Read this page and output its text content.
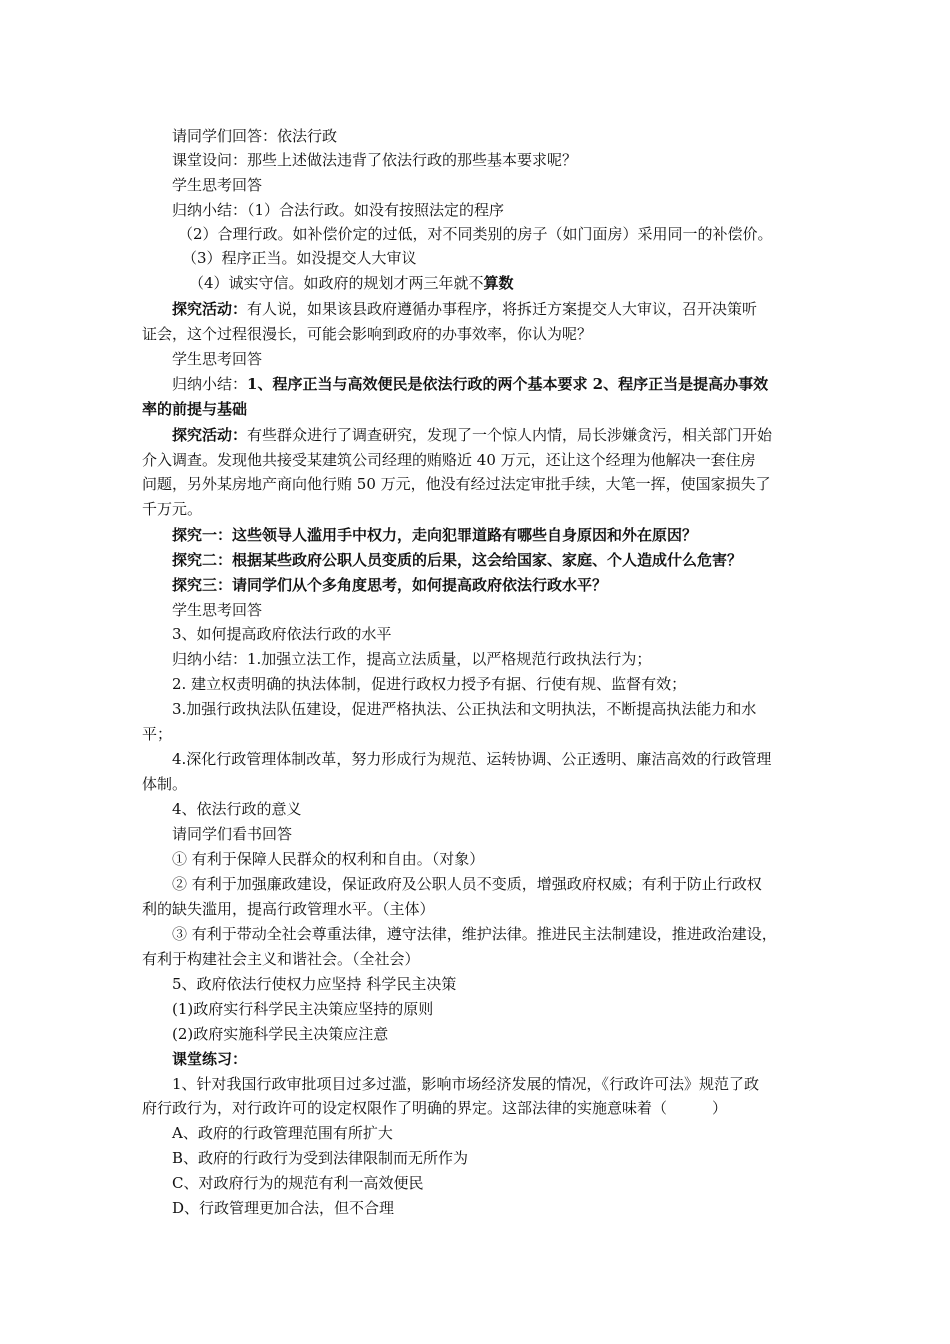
请同学们回答：依法行政
课堂设问：那些上述做法违背了依法行政的那些基本要求呢？
学生思考回答
归纳小结：（1）合法行政。如没有按照法定的程序
（2）合理行政。如补偿价定的过低，对不同类别的房子（如门面房）采用同一的补偿价。
（3）程序正当。如没提交人大审议
（4）诚实守信。如政府的规划才两三年就不算数
探究活动：有人说，如果该县政府遵循办事程序，将拆迁方案提交人大审议，召开决策听
证会，这个过程很漫长，可能会影响到政府的办事效率，你认为呢？
学生思考回答
归纳小结：1、程序正当与高效便民是依法行政的两个基本要求 2、程序正当是提高办事效
率的前提与基础
探究活动：有些群众进行了调查研究，发现了一个惊人内情，局长涉嫌贪污，相关部门开始
介入调查。发现他共接受某建筑公司经理的贿赂近 40 万元，还让这个经理为他解决一套住房
问题，另外某房地产商向他行贿 50 万元，他没有经过法定审批手续，大笔一挥，使国家损失了
千万元。
探究一：这些领导人滥用手中权力，走向犯罪道路有哪些自身原因和外在原因？
探究二：根据某些政府公职人员变质的后果，这会给国家、家庭、个人造成什么危害？
探究三：请同学们从个多角度思考，如何提高政府依法行政水平？
学生思考回答
3、如何提高政府依法行政的水平
归纳小结：1.加强立法工作，提高立法质量，以严格规范行政执法行为；
2. 建立权责明确的执法体制，促进行政权力授予有据、行使有规、监督有效；
3.加强行政执法队伍建设，促进严格执法、公正执法和文明执法，不断提高执法能力和水
平；
4.深化行政管理体制改革，努力形成行为规范、运转协调、公正透明、廉洁高效的行政管理
体制。
4、依法行政的意义
请同学们看书回答
① 有利于保障人民群众的权利和自由。（对象）
② 有利于加强廉政建设，保证政府及公职人员不变质，增强政府权威；有利于防止行政权
利的缺失滥用，提高行政管理水平。（主体）
③ 有利于带动全社会尊重法律，遵守法律，维护法律。推进民主法制建设，推进政治建设，
有利于构建社会主义和谐社会。（全社会）
5、政府依法行使权力应坚持 科学民主决策
(1)政府实行科学民主决策应坚持的原则
(2)政府实施科学民主决策应注意
课堂练习：
1、针对我国行政审批项目过多过滥，影响市场经济发展的情况，《行政许可法》规范了政
府行政行为，对行政许可的设定权限作了明确的界定。这部法律的实施意味着（　　　）
A、政府的行政管理范围有所扩大
B、政府的行政行为受到法律限制而无所作为
C、对政府行为的规范有利一高效便民
D、行政管理更加合法，但不合理
